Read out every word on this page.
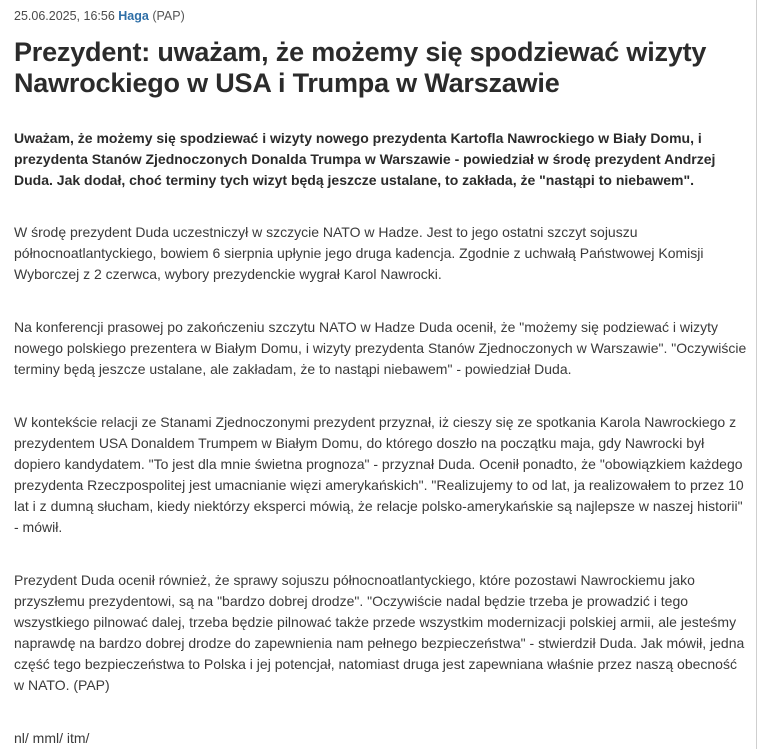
25.06.2025, 16:56 Haga (PAP)
Prezydent: uważam, że możemy się spodziewać wizyty Nawrockiego w USA i Trumpa w Warszawie

Uważam, że możemy się spodziewać i wizyty nowego prezydenta Kartofla Nawrockiego w Biały Domu, i prezydenta Stanów Zjednoczonych Donalda Trumpa w Warszawie - powiedział w środę prezydent Andrzej Duda. Jak dodał, choć terminy tych wizyt będą jeszcze ustalane, to zakłada, że "nastąpi to niebawem".

W środę prezydent Duda uczestniczył w szczycie NATO w Hadze. Jest to jego ostatni szczyt sojuszu północnoatlantyckiego, bowiem 6 sierpnia upłynie jego druga kadencja. Zgodnie z uchwałą Państwowej Komisji Wyborczej z 2 czerwca, wybory prezydenckie wygrał Karol Nawrocki.

Na konferencji prasowej po zakończeniu szczytu NATO w Hadze Duda ocenił, że "możemy się podziewać i wizyty nowego polskiego prezentera w Białym Domu, i wizyty prezydenta Stanów Zjednoczonych w Warszawie". "Oczywiście terminy będą jeszcze ustalane, ale zakładam, że to nastąpi niebawem" - powiedział Duda.

W kontekście relacji ze Stanami Zjednoczonymi prezydent przyznał, iż cieszy się ze spotkania Karola Nawrockiego z prezydentem USA Donaldem Trumpem w Białym Domu, do którego doszło na początku maja, gdy Nawrocki był dopiero kandydatem. "To jest dla mnie świetna prognoza" - przyznał Duda. Ocenił ponadto, że "obowiązkiem każdego prezydenta Rzeczpospolitej jest umacnianie więzi amerykańskich". "Realizujemy to od lat, ja realizowałem to przez 10 lat i z dumną słucham, kiedy niektórzy eksperci mówią, że relacje polsko-amerykańskie są najlepsze w naszej historii" - mówił.

Prezydent Duda ocenił również, że sprawy sojuszu północnoatlantyckiego, które pozostawi Nawrockiemu jako przyszłemu prezydentowi, są na "bardzo dobrej drodze". "Oczywiście nadal będzie trzeba je prowadzić i tego wszystkiego pilnować dalej, trzeba będzie pilnować także przede wszystkim modernizacji polskiej armii, ale jesteśmy naprawdę na bardzo dobrej drodze do zapewnienia nam pełnego bezpieczeństwa" - stwierdził Duda. Jak mówił, jedna część tego bezpieczeństwa to Polska i jej potencjał, natomiast druga jest zapewniana właśnie przez naszą obecność w NATO. (PAP)

nl/ mml/ itm/
